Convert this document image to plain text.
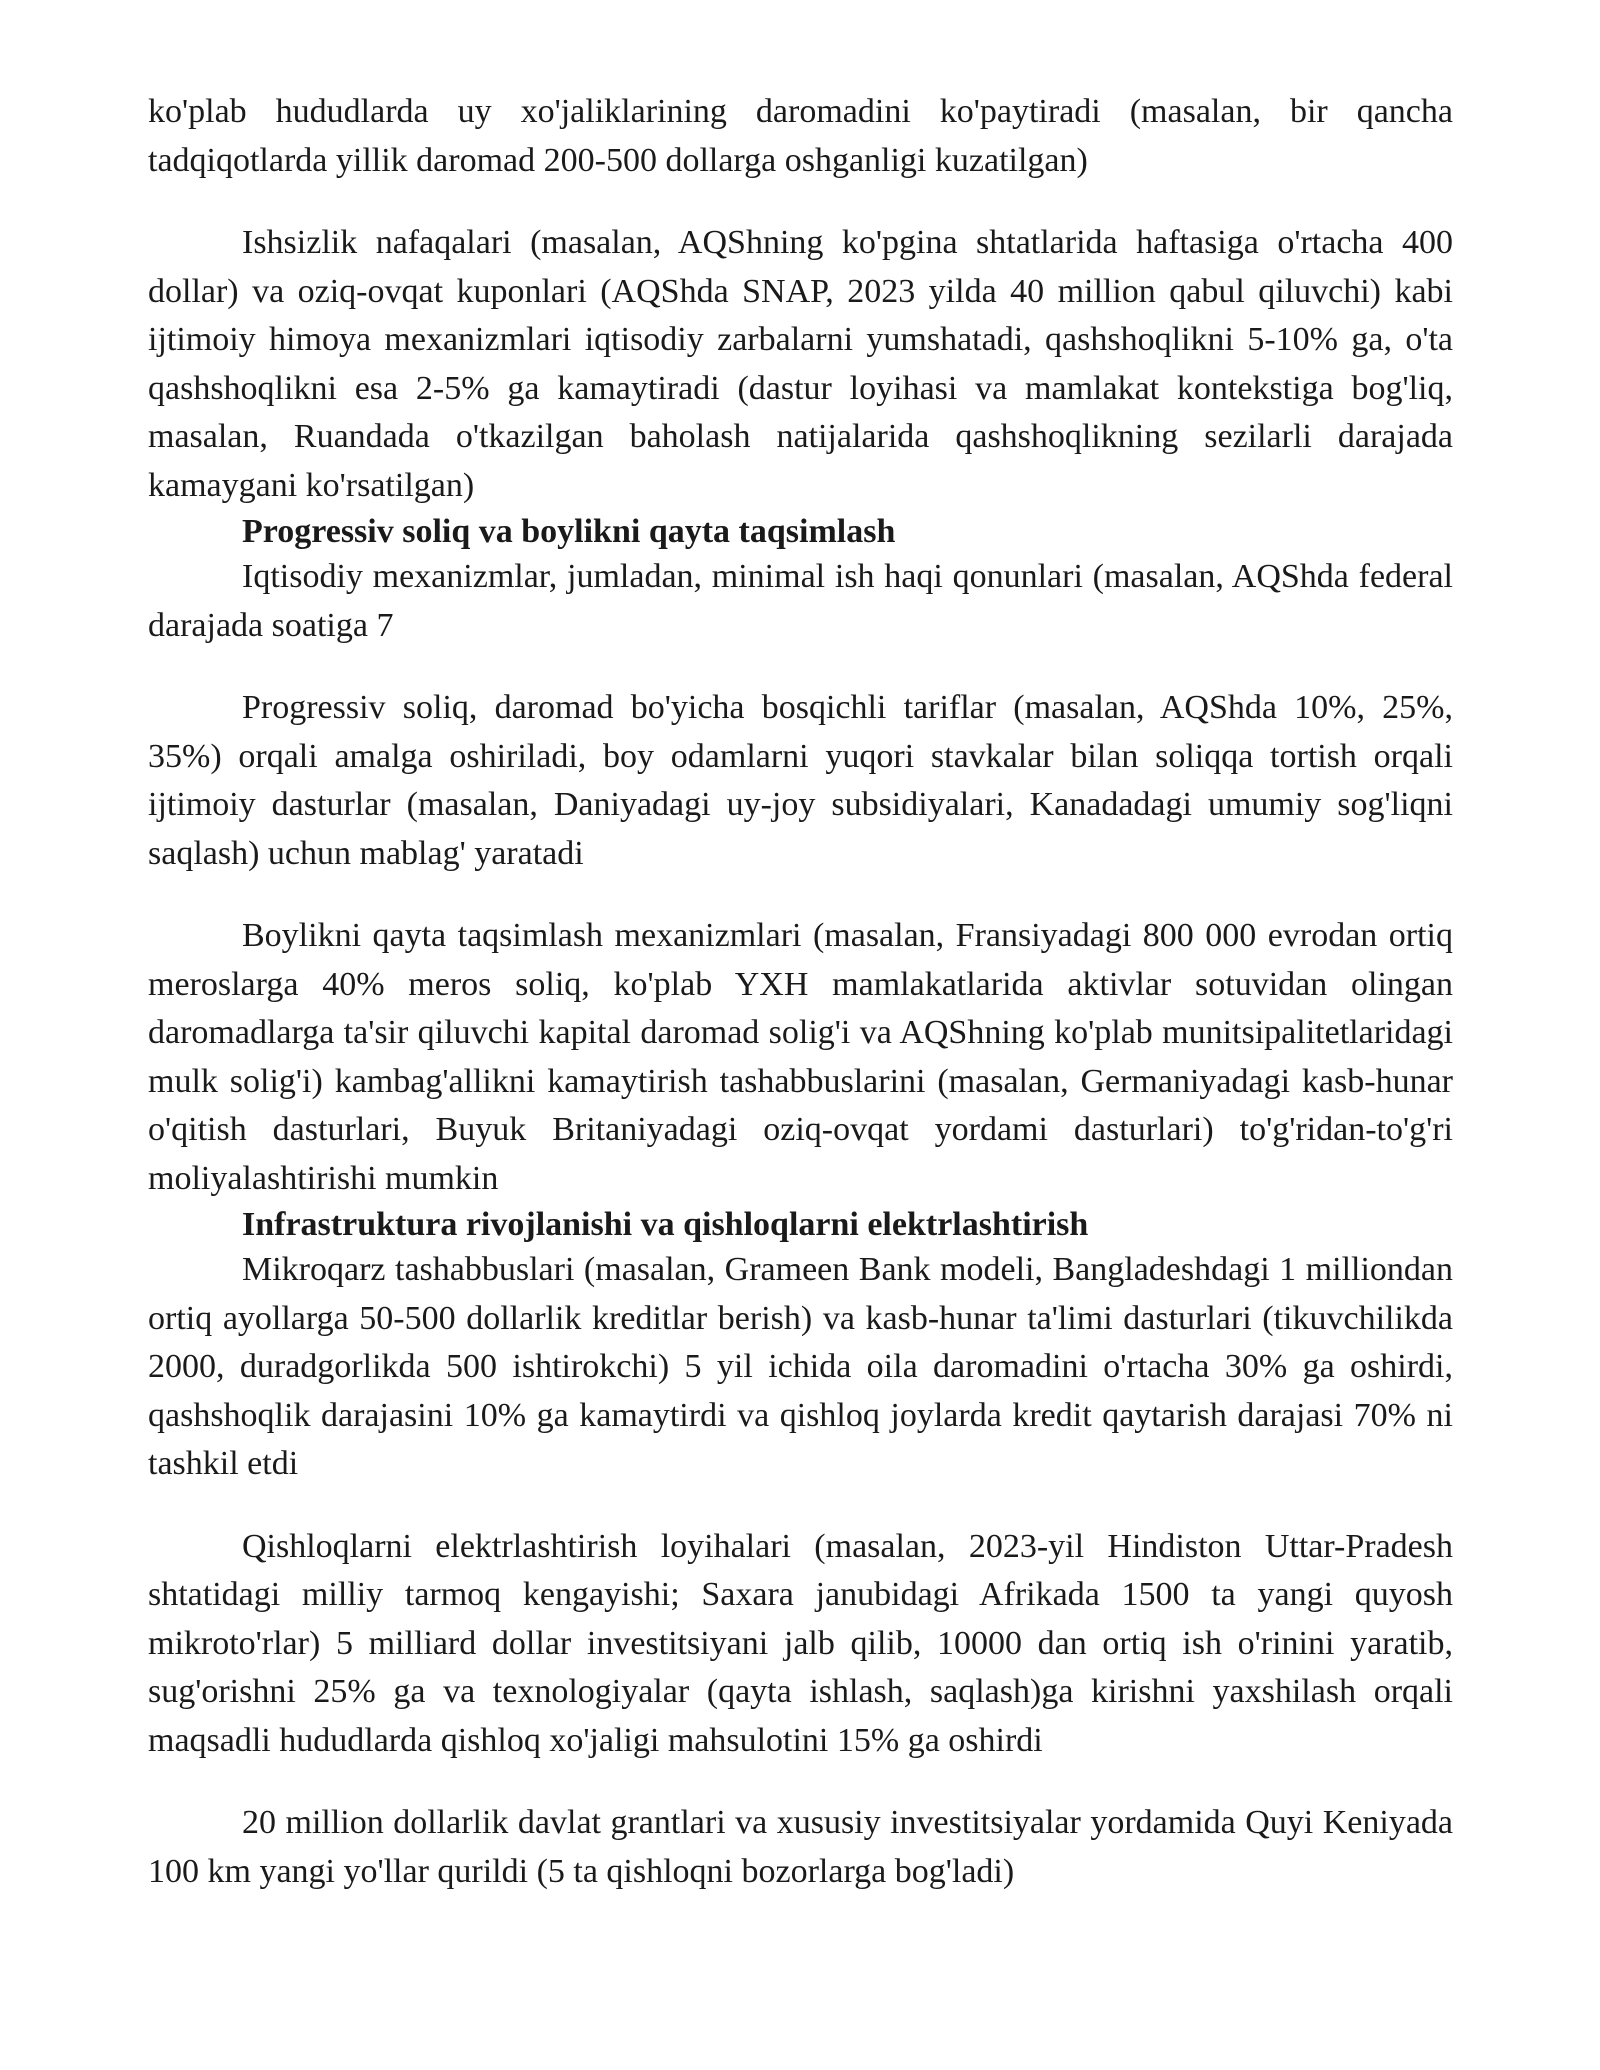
ko'plab hududlarda uy xo'jaliklarining daromadini ko'paytiradi (masalan, bir qancha tadqiqotlarda yillik daromad 200-500 dollarga oshganligi kuzatilgan)

Ishsizlik nafaqalari (masalan, AQShning ko'pgina shtatlarida haftasiga o'rtacha 400 dollar) va oziq-ovqat kuponlari (AQShda SNAP, 2023 yilda 40 million qabul qiluvchi) kabi ijtimoiy himoya mexanizmlari iqtisodiy zarbalarni yumshatadi, qashshoqlikni 5-10% ga, o'ta qashshoqlikni esa 2-5% ga kamaytiradi (dastur loyihasi va mamlakat kontekstiga bog'liq, masalan, Ruandada o'tkazilgan baholash natijalarida qashshoqlikning sezilarli darajada kamaygani ko'rsatilgan)

Progressiv soliq va boylikni qayta taqsimlash

Iqtisodiy mexanizmlar, jumladan, minimal ish haqi qonunlari (masalan, AQShda federal darajada soatiga 7

Progressiv soliq, daromad bo'yicha bosqichli tariflar (masalan, AQShda 10%, 25%, 35%) orqali amalga oshiriladi, boy odamlarni yuqori stavkalar bilan soliqqa tortish orqali ijtimoiy dasturlar (masalan, Daniyadagi uy-joy subsidiyalari, Kanadadagi umumiy sog'liqni saqlash) uchun mablag' yaratadi

Boylikni qayta taqsimlash mexanizmlari (masalan, Fransiyadagi 800 000 evrodan ortiq meroslarga 40% meros soliq, ko'plab YXH mamlakatlarida aktivlar sotuvidan olingan daromadlarga ta'sir qiluvchi kapital daromad solig'i va AQShning ko'plab munitsipalitetlaridagi mulk solig'i) kambag'allikni kamaytirish tashabbuslarini (masalan, Germaniyadagi kasb-hunar o'qitish dasturlari, Buyuk Britaniyadagi oziq-ovqat yordami dasturlari) to'g'ridan-to'g'ri moliyalashtirishi mumkin

Infrastruktura rivojlanishi va qishloqlarni elektrlashtirish

Mikroqarz tashabbuslari (masalan, Grameen Bank modeli, Bangladeshdagi 1 milliondan ortiq ayollarga 50-500 dollarlik kreditlar berish) va kasb-hunar ta'limi dasturlari (tikuvchilikda 2000, duradgorlikda 500 ishtirokchi) 5 yil ichida oila daromadini o'rtacha 30% ga oshirdi, qashshoqlik darajasini 10% ga kamaytirdi va qishloq joylarda kredit qaytarish darajasi 70% ni tashkil etdi

Qishloqlarni elektrlashtirish loyihalari (masalan, 2023-yil Hindiston Uttar-Pradesh shtatidagi milliy tarmoq kengayishi; Saxara janubidagi Afrikada 1500 ta yangi quyosh mikroto'rlar) 5 milliard dollar investitsiyani jalb qilib, 10000 dan ortiq ish o'rinini yaratib, sug'orishni 25% ga va texnologiyalar (qayta ishlash, saqlash)ga kirishni yaxshilash orqali maqsadli hududlarda qishloq xo'jaligi mahsulotini 15% ga oshirdi

20 million dollarlik davlat grantlari va xususiy investitsiyalar yordamida Quyi Keniyada 100 km yangi yo'llar qurildi (5 ta qishloqni bozorlarga bog'ladi)
